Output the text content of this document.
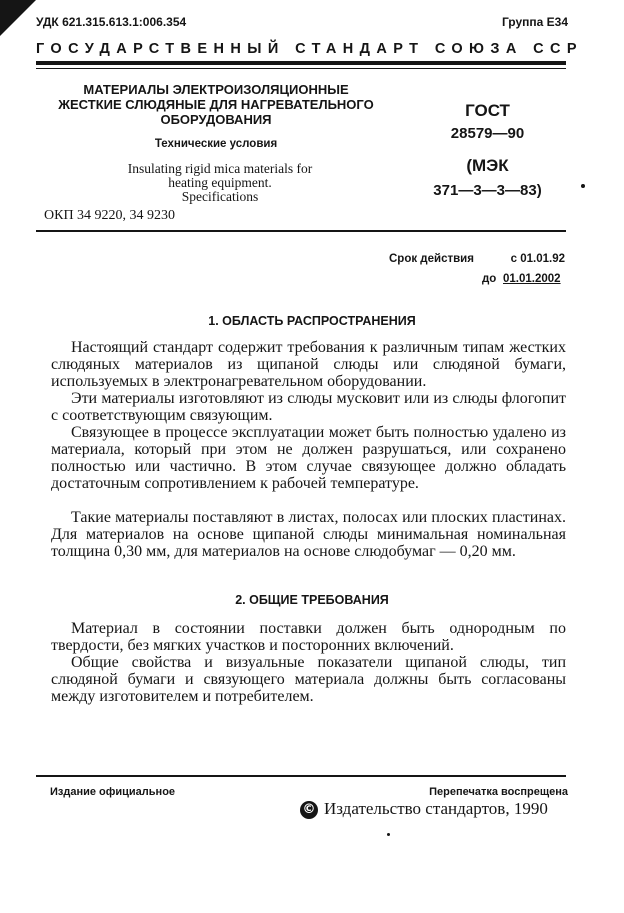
УДК 621.315.613.1:006.354	Группа Е34
ГОСУДАРСТВЕННЫЙ СТАНДАРТ СОЮЗА ССР
МАТЕРИАЛЫ ЭЛЕКТРОИЗОЛЯЦИОННЫЕ
ЖЕСТКИЕ СЛЮДЯНЫЕ ДЛЯ НАГРЕВАТЕЛЬНОГО
ОБОРУДОВАНИЯ
Технические условия
Insulating rigid mica materials for
heating equipment.
Specifications
ОКП 34 9220, 34 9230
ГОСТ
28579—90
(МЭК
371—3—3—83)
Срок действия	с 01.01.92
до 01.01.2002
1. ОБЛАСТЬ РАСПРОСТРАНЕНИЯ
Настоящий стандарт содержит требования к различным типам жестких слюдяных материалов из щипаной слюды или слюдяной бумаги, используемых в электронагревательном оборудовании.
Эти материалы изготовляют из слюды мусковит или из слюды флогопит с соответствующим связующим.
Связующее в процессе эксплуатации может быть полностью удалено из материала, который при этом не должен разрушаться, или сохранено полностью или частично. В этом случае связующее должно обладать достаточным сопротивлением к рабочей температуре.
Такие материалы поставляют в листах, полосах или плоских пластинах. Для материалов на основе щипаной слюды минимальная номинальная толщина 0,30 мм, для материалов на основе слюдобумаг — 0,20 мм.
2. ОБЩИЕ ТРЕБОВАНИЯ
Материал в состоянии поставки должен быть однородным по твердости, без мягких участков и посторонних включений.
Общие свойства и визуальные показатели щипаной слюды, тип слюдяной бумаги и связующего материала должны быть согласованы между изготовителем и потребителем.
Издание официальное	Перепечатка воспрещена
© Издательство стандартов, 1990
